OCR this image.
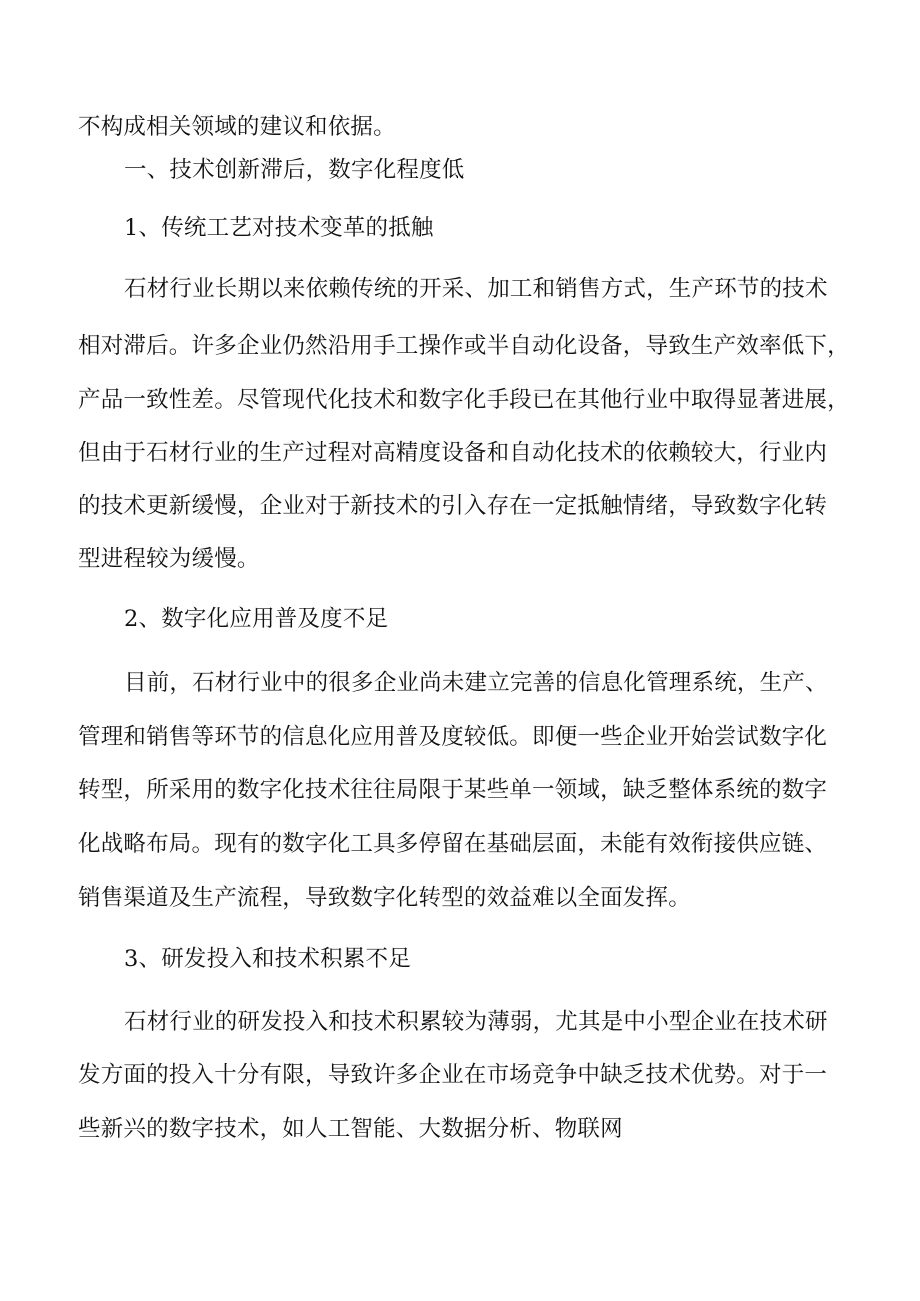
不构成相关领域的建议和依据。
一、技术创新滞后，数字化程度低
1、传统工艺对技术变革的抵触
石材行业长期以来依赖传统的开采、加工和销售方式，生产环节的技术
相对滞后。许多企业仍然沿用手工操作或半自动化设备，导致生产效率低下，
产品一致性差。尽管现代化技术和数字化手段已在其他行业中取得显著进展，
但由于石材行业的生产过程对高精度设备和自动化技术的依赖较大，行业内
的技术更新缓慢，企业对于新技术的引入存在一定抵触情绪，导致数字化转
型进程较为缓慢。
2、数字化应用普及度不足
目前，石材行业中的很多企业尚未建立完善的信息化管理系统，生产、
管理和销售等环节的信息化应用普及度较低。即便一些企业开始尝试数字化
转型，所采用的数字化技术往往局限于某些单一领域，缺乏整体系统的数字
化战略布局。现有的数字化工具多停留在基础层面，未能有效衔接供应链、
销售渠道及生产流程，导致数字化转型的效益难以全面发挥。
3、研发投入和技术积累不足
石材行业的研发投入和技术积累较为薄弱，尤其是中小型企业在技术研
发方面的投入十分有限，导致许多企业在市场竞争中缺乏技术优势。对于一
些新兴的数字技术，如人工智能、大数据分析、物联网
